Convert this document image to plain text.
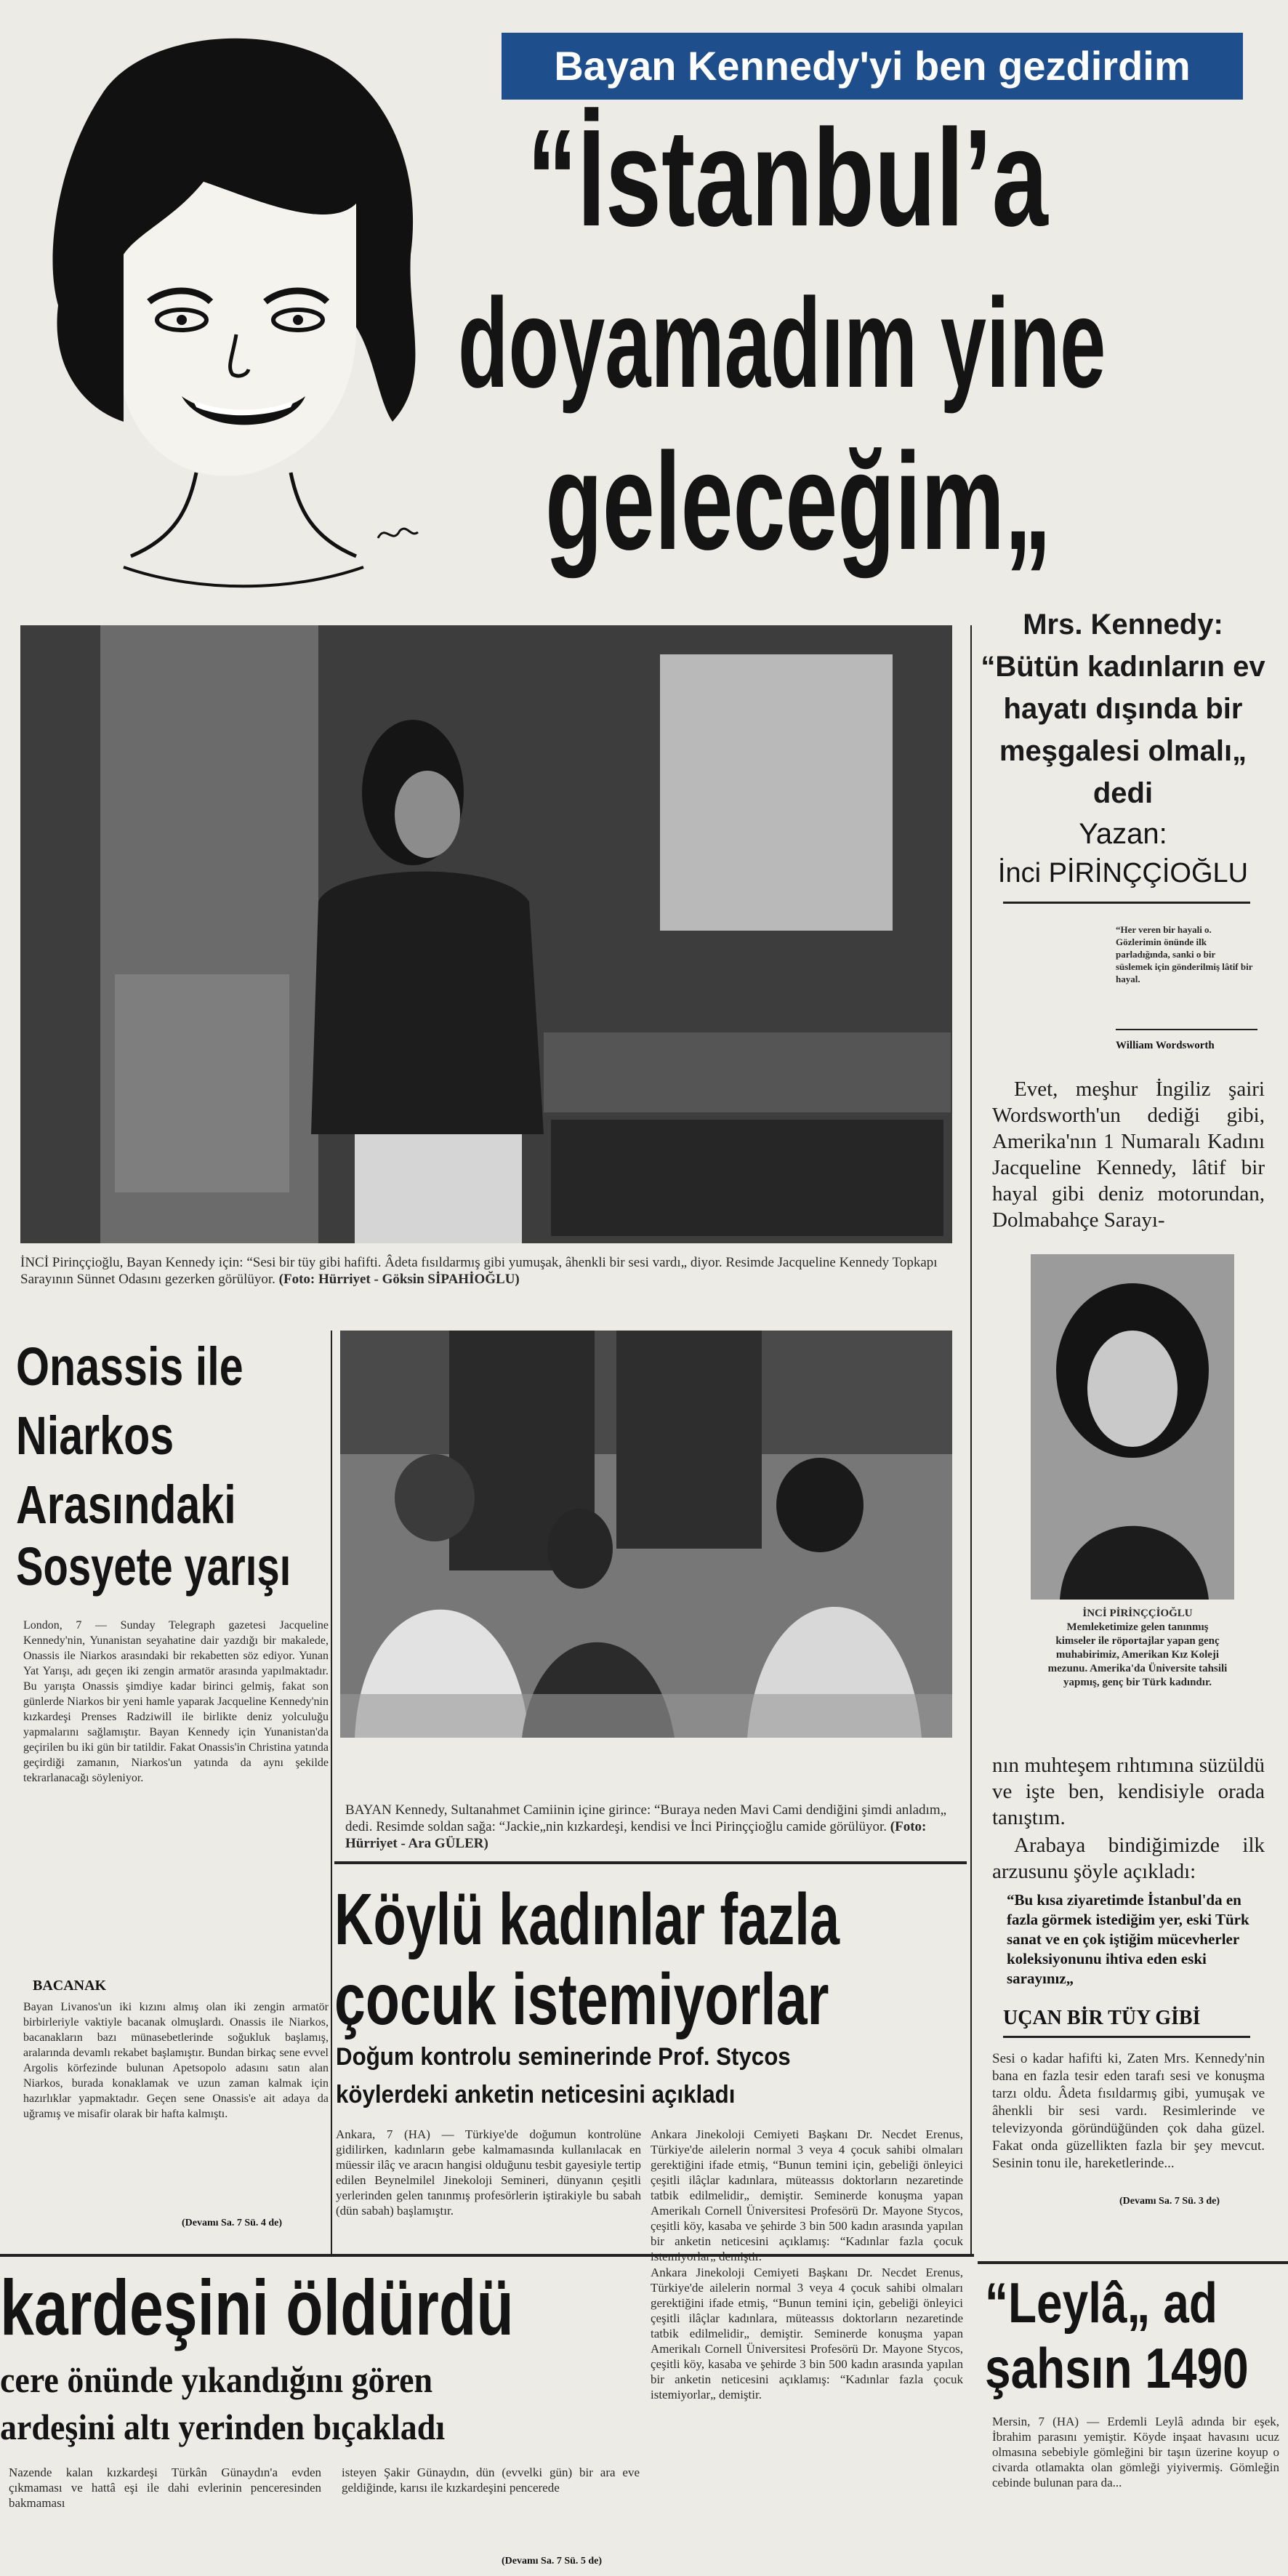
Bayan Kennedy'yi ben gezdirdim
“İstanbul’a
doyamadım yine
geleceğim„
İNCİ Pirinççioğlu, Bayan Kennedy için: “Sesi bir tüy gibi hafifti. Âdeta fısıldarmış gibi yumuşak, âhenkli bir sesi vardı„ diyor. Resimde Jacqueline Kennedy Topkapı Sarayının Sünnet Odasını gezerken görülüyor. (Foto: Hürriyet - Göksin SİPAHİOĞLU)
Mrs. Kennedy: “Bütün kadınların ev hayatı dışında bir meşgalesi olmalı„ dedi
Yazan:
İnci PİRİNÇÇİOĞLU
“Her veren bir hayali o. Gözlerimin önünde ilk parladığında, sanki o bir süslemek için gönderilmiş lâtif bir hayal.
William Wordsworth
Evet, meşhur İngiliz şairi Wordsworth'un dediği gibi, Amerika'nın 1 Numaralı Kadını Jacqueline Kennedy, lâtif bir hayal gibi deniz motorundan, Dolmabahçe Sarayı-
İNCİ PİRİNÇÇİOĞLU Memleketimize gelen tanınmış kimseler ile röportajlar yapan genç muhabirimiz, Amerikan Kız Koleji mezunu. Amerika'da Üniversite tahsili yapmış, genç bir Türk kadındır.
nın muhteşem rıhtımına süzüldü ve işte ben, kendisiyle orada tanıştım.
Arabaya bindiğimizde ilk arzusunu şöyle açıkladı:
“Bu kısa ziyaretimde İstanbul'da en fazla görmek istediğim yer, eski Türk sanat ve en çok iştiğim mücevherler koleksiyonunu ihtiva eden eski sarayınız„
UÇAN BİR TÜY GİBİ
Sesi o kadar hafifti ki, Zaten Mrs. Kennedy'nin bana en fazla tesir eden tarafı sesi ve konuşma tarzı oldu. Âdeta fısıldarmış gibi, yumuşak ve âhenkli bir sesi vardı. Resimlerinde ve televizyonda göründüğünden çok daha güzel. Fakat onda güzellikten fazla bir şey mevcut. Sesinin tonu ile, hareketlerinde...
(Devamı Sa. 7 Sü. 3 de)
Onassis ile
Niarkos
Arasındaki
Sosyete yarışı
London, 7 — Sunday Telegraph gazetesi Jacqueline Kennedy'nin, Yunanistan seyahatine dair yazdığı bir makalede, Onassis ile Niarkos arasındaki bir rekabetten söz ediyor. Yunan Yat Yarışı, adı geçen iki zengin armatör arasında yapılmaktadır. Bu yarışta Onassis şimdiye kadar birinci gelmiş, fakat son günlerde Niarkos bir yeni hamle yaparak Jacqueline Kennedy'nin kızkardeşi Prenses Radziwill ile birlikte deniz yolculuğu yapmalarını sağlamıştır. Bayan Kennedy için Yunanistan'da geçirilen bu iki gün bir tatildir. Fakat Onassis'in Christina yatında geçirdiği zamanın, Niarkos'un yatında da aynı şekilde tekrarlanacağı söyleniyor.
BACANAK
Bayan Livanos'un iki kızını almış olan iki zengin armatör birbirleriyle vaktiyle bacanak olmuşlardı. Onassis ile Niarkos, bacanakların bazı münasebetlerinde soğukluk başlamış, aralarında devamlı rekabet başlamıştır. Bundan birkaç sene evvel Argolis körfezinde bulunan Apetsopolo adasını satın alan Niarkos, burada konaklamak ve uzun zaman kalmak için hazırlıklar yapmaktadır. Geçen sene Onassis'e ait adaya da uğramış ve misafir olarak bir hafta kalmıştı.
(Devamı Sa. 7 Sü. 4 de)
BAYAN Kennedy, Sultanahmet Camiinin içine girince: “Buraya neden Mavi Cami dendiğini şimdi anladım„ dedi. Resimde soldan sağa: “Jackie„nin kızkardeşi, kendisi ve İnci Pirinççioğlu camide görülüyor. (Foto: Hürriyet - Ara GÜLER)
Köylü kadınlar fazla
çocuk istemiyorlar
Doğum kontrolu seminerinde Prof. Stycos
köylerdeki anketin neticesini açıkladı
Ankara, 7 (HA) — Türkiye'de doğumun kontrolüne gidilirken, kadınların gebe kalmamasında kullanılacak en müessir ilâç ve aracın hangisi olduğunu tesbit gayesiyle tertip edilen Beynelmilel Jinekoloji Semineri, dünyanın çeşitli yerlerinden gelen tanınmış profesörlerin iştirakiyle bu sabah (dün sabah) başlamıştır.
Ankara Jinekoloji Cemiyeti Başkanı Dr. Necdet Erenus, Türkiye'de ailelerin normal 3 veya 4 çocuk sahibi olmaları gerektiğini ifade etmiş, “Bunun temini için, gebeliği önleyici çeşitli ilâçlar kadınlara, müteassıs doktorların nezaretinde tatbik edilmelidir„ demiştir. Seminerde konuşma yapan Amerikalı Cornell Üniversitesi Profesörü Dr. Mayone Stycos, çeşitli köy, kasaba ve şehirde 3 bin 500 kadın arasında yapılan bir anketin neticesini açıklamış: “Kadınlar fazla çocuk
kardeşini öldürdü
cere önünde yıkandığını gören
ardeşini altı yerinden bıçakladı
Nazende kalan kızkardeşi Türkân Günaydın'a evden çıkmaması ve hattâ eşi ile dahi evlerinin penceresinden bakmaması
isteyen Şakir Günaydın, dün (evvelki gün) bir ara eve geldiğinde, karısı ile kızkardeşini pencerede
(Devamı Sa. 7 Sü. 5 de)
Ankara Jinekoloji Cemiyeti Başkanı Dr. Necdet Erenus, Türkiye'de ailelerin normal 3 veya 4 çocuk sahibi olmaları gerektiğini ifade etmiş, “Bunun temini için, gebeliği önleyici çeşitli ilâçlar kadınlara, müteassıs doktorların nezaretinde tatbik edilmelidir„ demiştir. Seminerde konuşma yapan Amerikalı Cornell Üniversitesi Profesörü Dr. Mayone Stycos, çeşitli köy, kasaba ve şehirde 3 bin 500 kadın arasında yapılan bir anketin neticesini açıklamış: “Kadınlar fazla çocuk istemiyorlar„ demiştir.
“Leylâ„ ad
şahsın 1490
Mersin, 7 (HA) — Erdemli Leylâ adında bir eşek, İbrahim parasını yemiştir. Köyde inşaat havasını ucuz olmasına sebebiyle gömleğini bir taşın üzerine koyup o civarda otlamakta olan gömleği yiyivermiş. Gömleğin cebinde bulunan para da...
